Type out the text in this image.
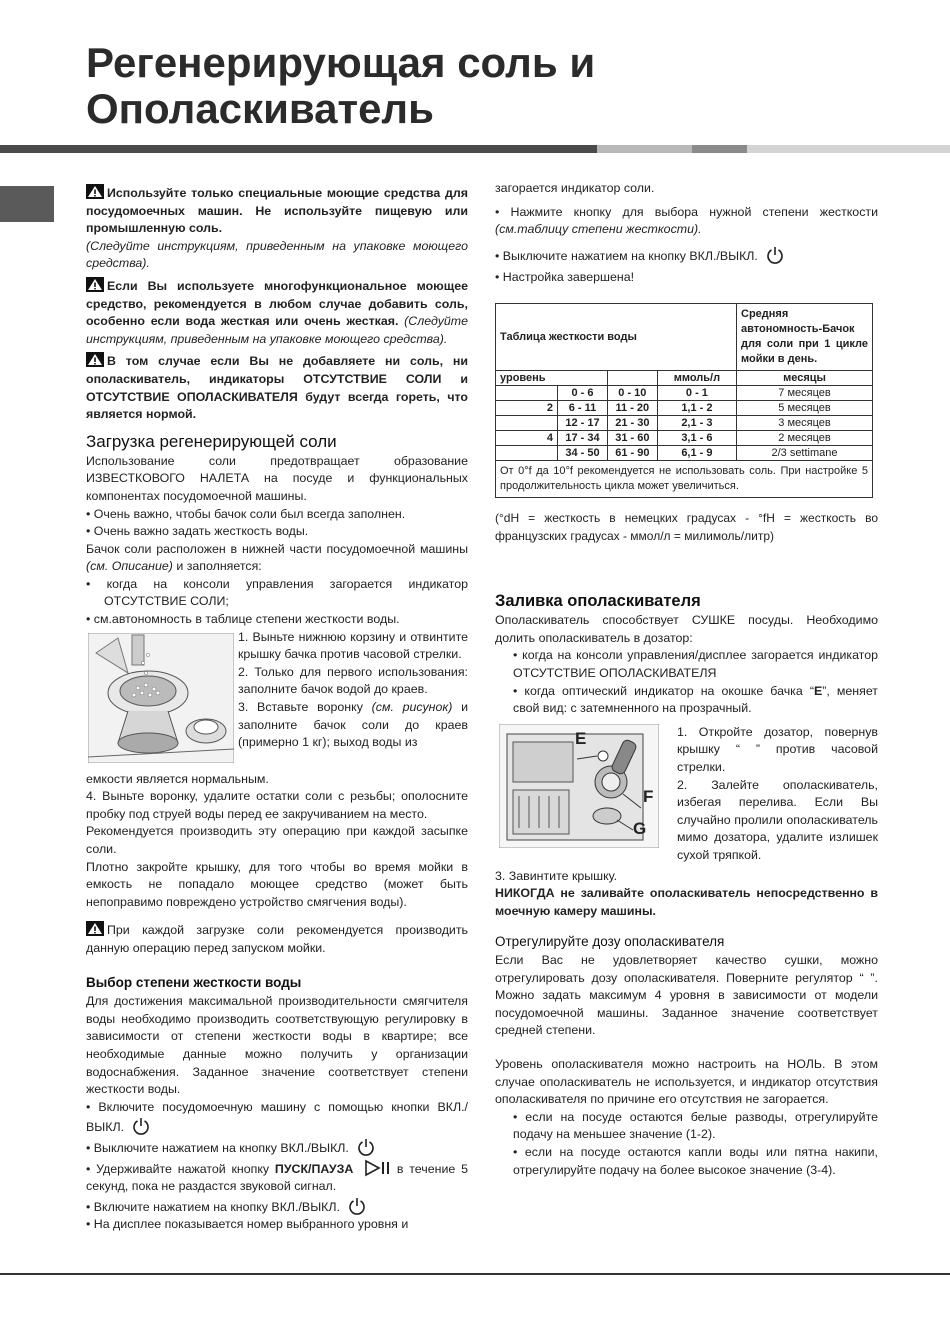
Регенерирующая соль и
Ополаскиватель

Используйте только специальные моющие средства для посудомоечных машин. Не используйте пищевую или промышленную соль.

(Следуйте инструкциям, приведенным на упаковке моющего средства).

Если Вы используете многофункциональное моющее средство, рекомендуется в любом случае добавить соль, особенно если вода жесткая или очень жесткая. (Следуйте инструкциям, приведенным на упаковке моющего средства).

В том случае если Вы не добавляете ни соль, ни ополаскиватель, индикаторы ОТСУТСТВИЕ СОЛИ и ОТСУТСТВИЕ ОПОЛАСКИВАТЕЛЯ будут всегда гореть, что является нормой.

Загрузка регенерирующей соли

Использование соли предотвращает образование ИЗВЕСТКОВОГО НАЛЕТА на посуде и функциональных компонентах посудомоечной машины.

• Очень важно, чтобы бачок соли был всегда заполнен.

• Очень важно задать жесткость воды.

Бачок соли расположен в нижней части посудомоечной машины (см. Описание) и заполняется:

• когда на консоли управления загорается индикатор ОТСУТСТВИЕ СОЛИ;

• см.автономность в таблице степени жесткости воды.

1. Выньте нижнюю корзину и отвинтите крышку бачка против часовой стрелки.

2. Только для первого использования: заполните бачок водой до краев.

3. Вставьте воронку (см. рисунок) и заполните бачок соли до краев (примерно 1 кг); выход воды из

емкости является нормальным.

4. Выньте воронку, удалите остатки соли с резьбы; ополосните пробку под струей воды перед ее закручиванием на место.

Рекомендуется производить эту операцию при каждой засыпке соли.

Плотно закройте крышку, для того чтобы во время мойки в емкость не попадало моющее средство (может быть непоправимо повреждено устройство смягчения воды).

При каждой загрузке соли рекомендуется производить данную операцию перед запуском мойки.

Выбор степени жесткости воды

Для достижения максимальной производительности смягчителя воды необходимо производить соответствующую регулировку в зависимости от степени жесткости воды в квартире; все необходимые данные можно получить у организации водоснабжения. Заданное значение соответствует степени жесткости воды.

• Включите посудомоечную машину с помощью кнопки ВКЛ./ВЫКЛ.

• Выключите нажатием на кнопку ВКЛ./ВЫКЛ.

• Удерживайте нажатой кнопку ПУСК/ПАУЗА	в течение 5 секунд, пока не раздастся звуковой сигнал.

• Включите нажатием на кнопку ВКЛ./ВЫКЛ.

• На дисплее показывается номер выбранного уровня и

загорается индикатор соли.

• Нажмите кнопку для выбора нужной степени жесткости (см.таблицу степени жесткости).

• Выключите нажатием на кнопку ВКЛ./ВЫКЛ.

• Настройка завершена!

Таблица жесткости воды				Средняя автономность-Бачок для соли при 1 цикле мойки в день.
уровень			ммоль/л	месяцы
	0 - 6	0 - 10	0 - 1	7 месяцев
2	6 - 11	11 - 20	1,1 - 2	5 месяцев
	12 - 17	21 - 30	2,1 - 3	3 месяцев
4	17 - 34	31 - 60	3,1 - 6	2 месяцев
	34 - 50	61 - 90	6,1 - 9	2/3 settimane
От 0°f да 10°f рекомендуется не использовать соль. При настройке 5 продолжительность цикла может увеличиться.				

(°dH = жесткость в немецких градусах - °fH = жесткость во французских градусах - ммол/л = милимоль/литр)

Заливка ополаскивателя

Ополаскиватель способствует СУШКЕ посуды. Необходимо долить ополаскиватель в дозатор:

• когда на консоли управления/дисплее загорается индикатор ОТСУТСТВИЕ ОПОЛАСКИВАТЕЛЯ

• когда оптический индикатор на окошке бачка “E”, меняет свой вид: с затемненного на прозрачный.

E
F
G

1. Откройте дозатор, повернув крышку “ ” против часовой стрелки.

2. Залейте ополаскиватель, избегая перелива. Если Вы случайно пролили ополаскиватель мимо дозатора, удалите излишек сухой тряпкой.

3. Завинтите крышку.

НИКОГДА не заливайте ополаскиватель непосредственно в моечную камеру машины.

Отрегулируйте дозу ополаскивателя

Если Вас не удовлетворяет качество сушки, можно отрегулировать дозу ополаскивателя. Поверните регулятор “ ”. Можно задать максимум 4 уровня в зависимости от модели посудомоечной машины. Заданное значение соответствует средней степени.

Уровень ополаскивателя можно настроить на НОЛЬ. В этом случае ополаскиватель не используется, и индикатор отсутствия ополаскивателя по причине его отсутствия не загорается.

• если на посуде остаются белые разводы, отрегулируйте подачу на меньшее значение (1-2).

• если на посуде остаются капли воды или пятна накипи, отрегулируйте подачу на более высокое значение (3-4).
